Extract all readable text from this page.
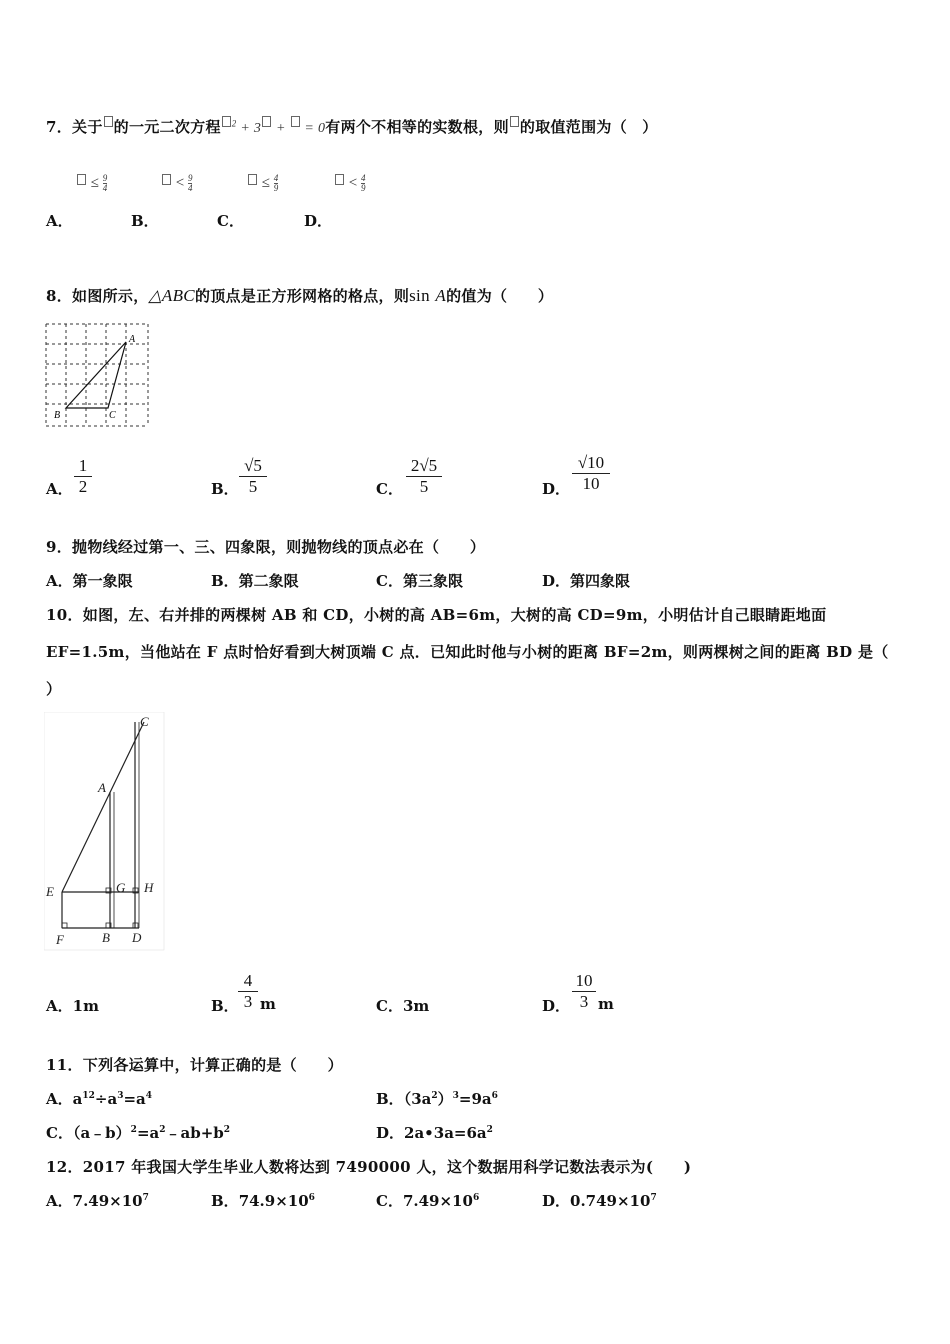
7．关于 的一元二次方程 $^2$ + 3 + = 0有两个不相等的实数根，则 的取值范围为（　）
≤ $\frac{9}{4}$	< $\frac{9}{4}$	≤ $\frac{4}{9}$	< $\frac{4}{9}$
A．	B．	C．	D．
8．如图所示，△ABC的顶点是正方形网格的格点，则sin A的值为（　　）
A
B	C
A．
1
2	B．
√5
5	C．
2√5
5	D．
√10
10
9．抛物线经过第一、三、四象限，则抛物线的顶点必在（　　）
A．第一象限	B．第二象限	C．第三象限	D．第四象限
10．如图，左、右并排的两棵树 AB 和 CD，小树的高 AB=6m，大树的高 CD=9m，小明估计自己眼睛距地面
EF=1.5m，当他站在 F 点时恰好看到大树顶端 C 点．已知此时他与小树的距离 BF=2m，则两棵树之间的距离 BD 是（
）
C
A
E	G H
F	B D
A．1m	B．
4
3 m	C．3m	D．
10
3 m
11．下列各运算中，计算正确的是（　　）
A．$a^{12}\div a^3=a^4$	B．$(3a^2)^3=9a^6$
C．$(a﹣b)^2=a^2﹣ab+b^2$	D．$2a•3a=6a^2$
12．2017 年我国大学生毕业人数将达到 7490000 人，这个数据用科学记数法表示为(　　)
A．$7.49\times 10^7$	B．$74.9\times 10^6$	C．$7.49\times 10^6$	D．$0.749\times 10^7$
